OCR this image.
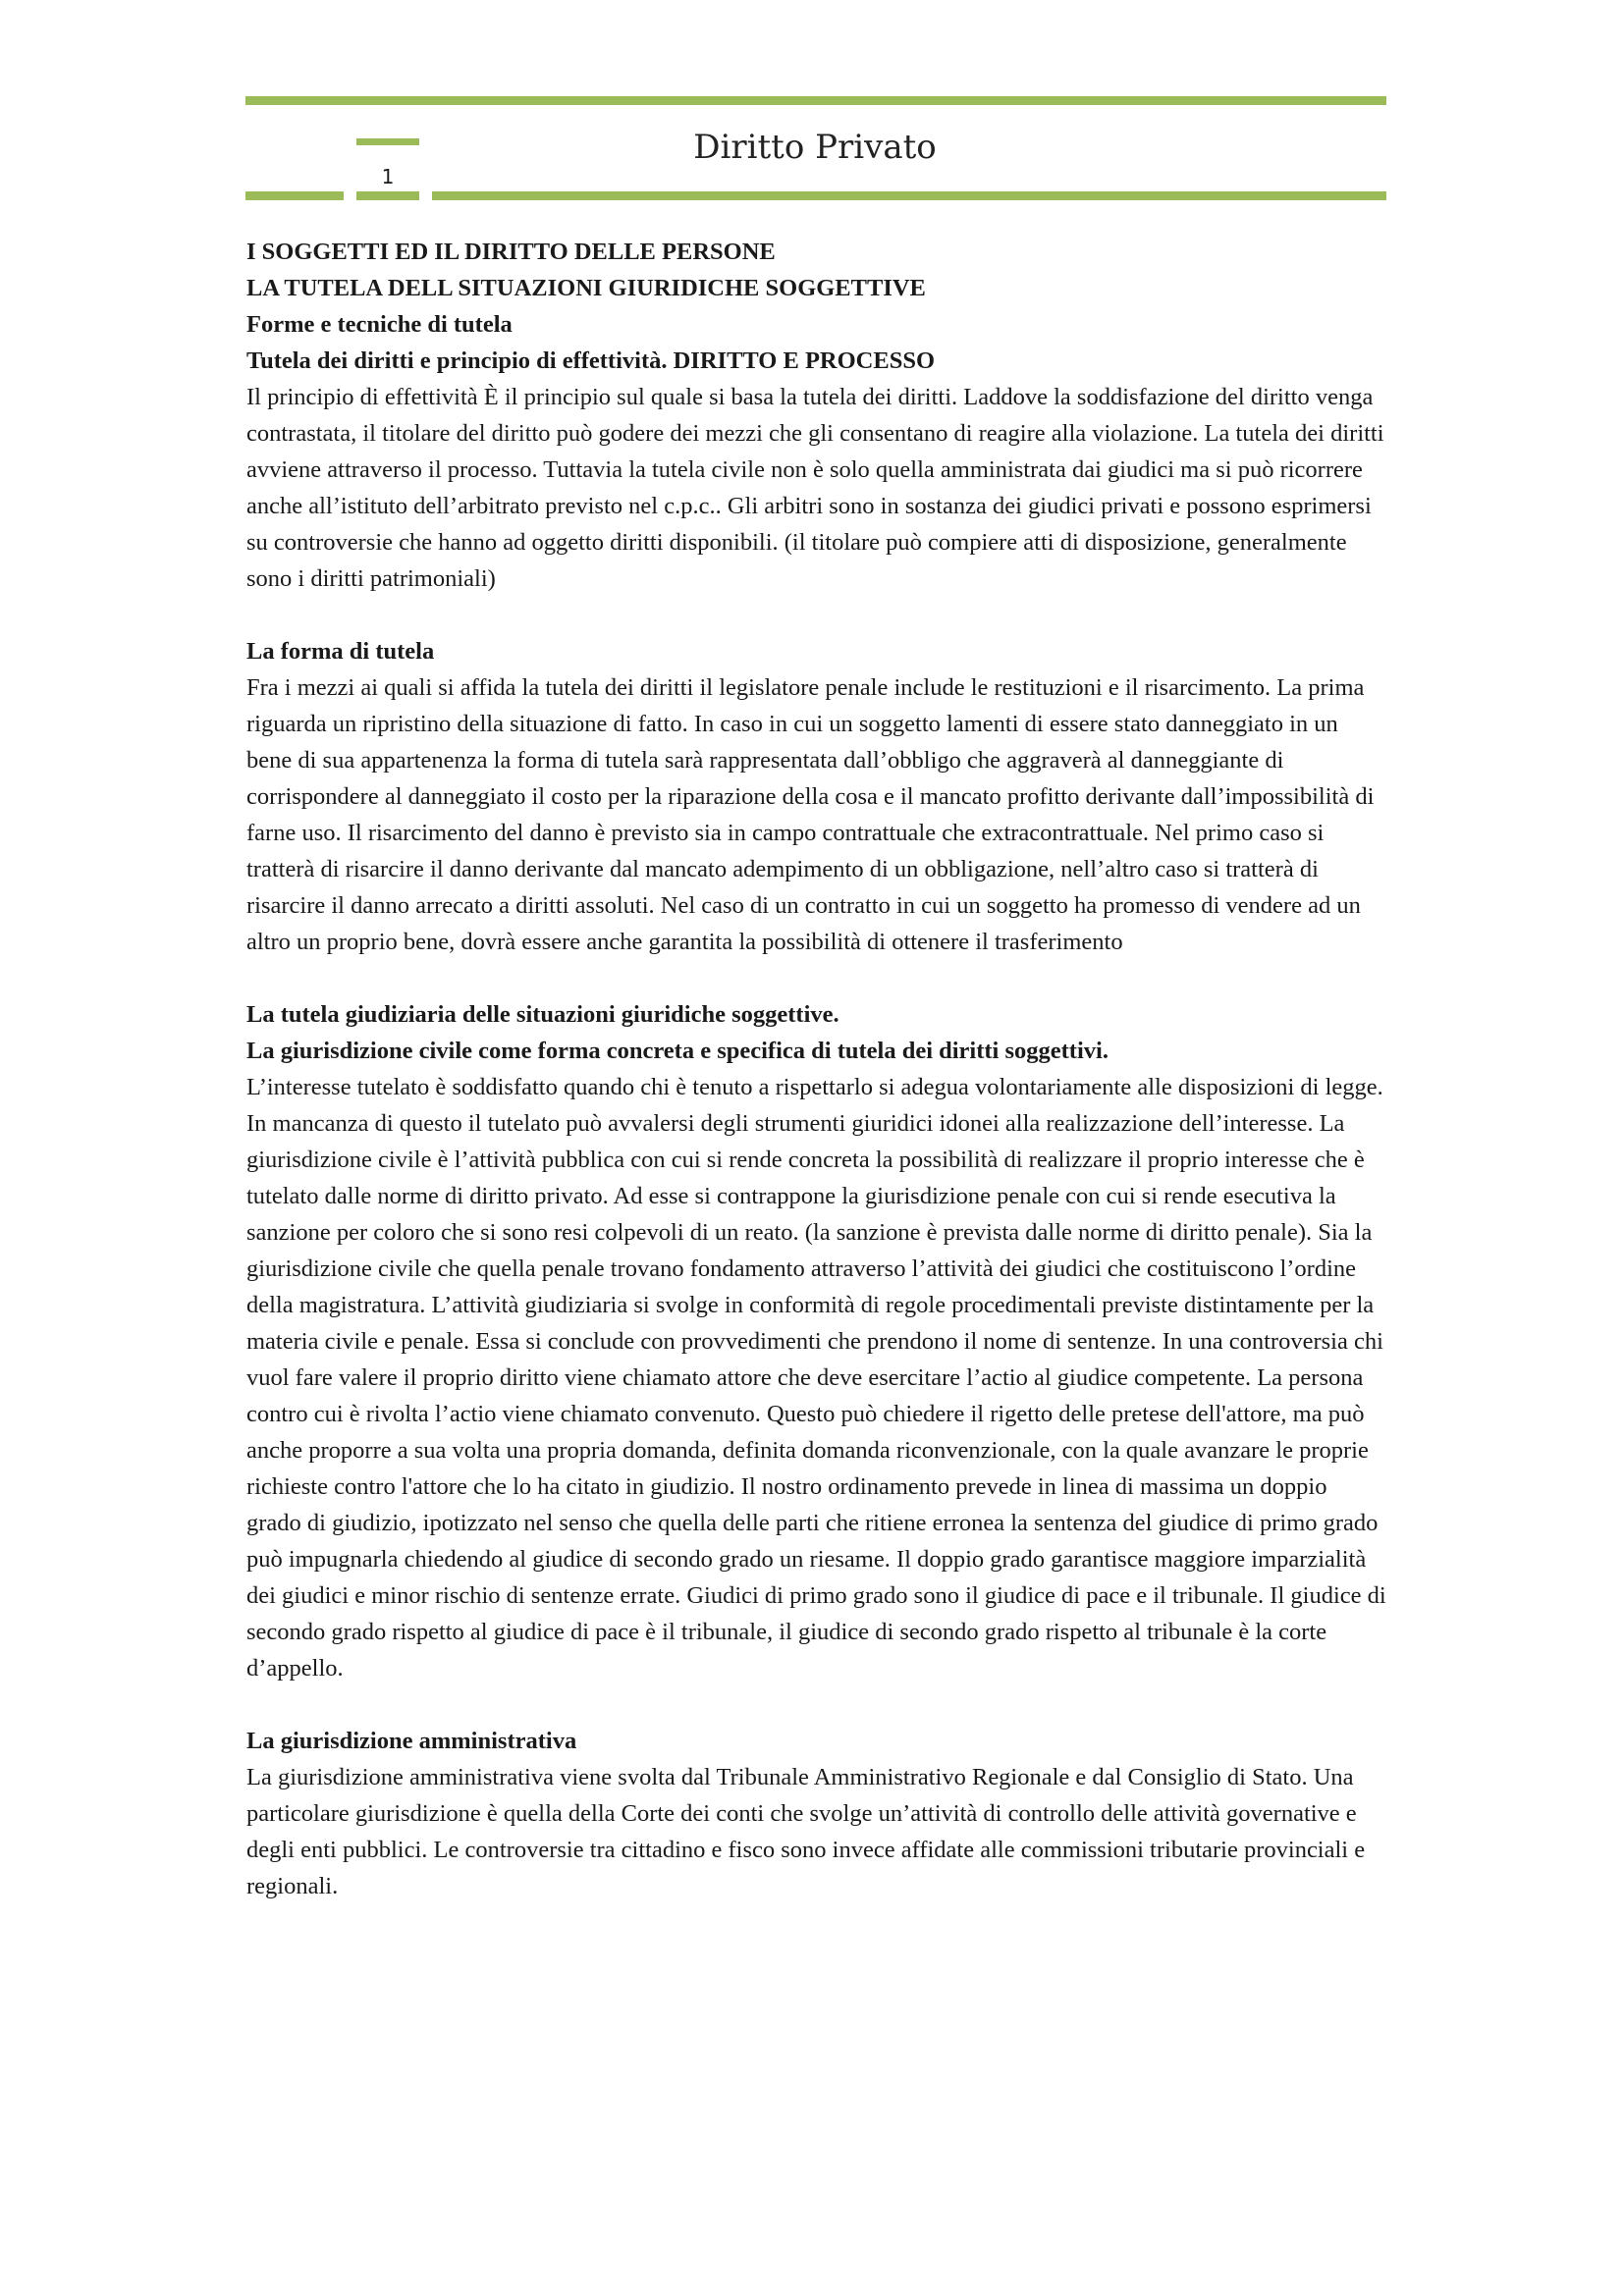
1
Diritto Privato

I SOGGETTI ED IL DIRITTO DELLE PERSONE

LA TUTELA DELL SITUAZIONI GIURIDICHE SOGGETTIVE

Forme e tecniche di tutela

Tutela dei diritti e principio di effettività. DIRITTO E PROCESSO

Il principio di effettività È il principio sul quale si basa la tutela dei diritti. Laddove la soddisfazione del diritto venga contrastata, il titolare del diritto può godere dei mezzi che gli consentano di reagire alla violazione. La tutela dei diritti avviene attraverso il processo. Tuttavia la tutela civile non è solo quella amministrata dai giudici ma si può ricorrere anche all’istituto dell’arbitrato previsto nel c.p.c.. Gli arbitri sono in sostanza dei giudici privati e possono esprimersi su controversie che hanno ad oggetto diritti disponibili. (il titolare può compiere atti di disposizione, generalmente sono i diritti patrimoniali)

La forma di tutela

Fra i mezzi ai quali si affida la tutela dei diritti il legislatore penale include le restituzioni e il risarcimento. La prima riguarda un ripristino della situazione di fatto. In caso in cui un soggetto lamenti di essere stato danneggiato in un bene di sua appartenenza la forma di tutela sarà rappresentata dall’obbligo che aggraverà al danneggiante di corrispondere al danneggiato il costo per la riparazione della cosa e il mancato profitto derivante dall’impossibilità di farne uso. Il risarcimento del danno è previsto sia in campo contrattuale che extracontrattuale. Nel primo caso si tratterà di risarcire il danno derivante dal mancato adempimento di un obbligazione, nell’altro caso si tratterà di risarcire il danno arrecato a diritti assoluti. Nel caso di un contratto in cui un soggetto ha promesso di vendere ad un altro un proprio bene, dovrà essere anche garantita la possibilità di ottenere il trasferimento

La tutela giudiziaria delle situazioni giuridiche soggettive.

La giurisdizione civile come forma concreta e specifica di tutela dei diritti soggettivi.

L’interesse tutelato è soddisfatto quando chi è tenuto a rispettarlo si adegua volontariamente alle disposizioni di legge. In mancanza di questo il tutelato può avvalersi degli strumenti giuridici idonei alla realizzazione dell’interesse. La giurisdizione civile è l’attività pubblica con cui si rende concreta la possibilità di realizzare il proprio interesse che è tutelato dalle norme di diritto privato. Ad esse si contrappone la giurisdizione penale con cui si rende esecutiva la sanzione per coloro che si sono resi colpevoli di un reato. (la sanzione è prevista dalle norme di diritto penale). Sia la giurisdizione civile che quella penale trovano fondamento attraverso l’attività dei giudici che costituiscono l’ordine della magistratura. L’attività giudiziaria si svolge in conformità di regole procedimentali previste distintamente per la materia civile e penale. Essa si conclude con provvedimenti che prendono il nome di sentenze. In una controversia chi vuol fare valere il proprio diritto viene chiamato attore che deve esercitare l’actio al giudice competente. La persona contro cui è rivolta l’actio viene chiamato convenuto. Questo può chiedere il rigetto delle pretese dell'attore, ma può anche proporre a sua volta una propria domanda, definita domanda riconvenzionale, con la quale avanzare le proprie richieste contro l'attore che lo ha citato in giudizio. Il nostro ordinamento prevede in linea di massima un doppio grado di giudizio, ipotizzato nel senso che quella delle parti che ritiene erronea la sentenza del giudice di primo grado può impugnarla chiedendo al giudice di secondo grado un riesame. Il doppio grado garantisce maggiore imparzialità dei giudici e minor rischio di sentenze errate. Giudici di primo grado sono il giudice di pace e il tribunale. Il giudice di secondo grado rispetto al giudice di pace è il tribunale, il giudice di secondo grado rispetto al tribunale è la corte d’appello.

La giurisdizione amministrativa

La giurisdizione amministrativa viene svolta dal Tribunale Amministrativo Regionale e dal Consiglio di Stato. Una particolare giurisdizione è quella della Corte dei conti che svolge un’attività di controllo delle attività governative e degli enti pubblici. Le controversie tra cittadino e fisco sono invece affidate alle commissioni tributarie provinciali e regionali.
